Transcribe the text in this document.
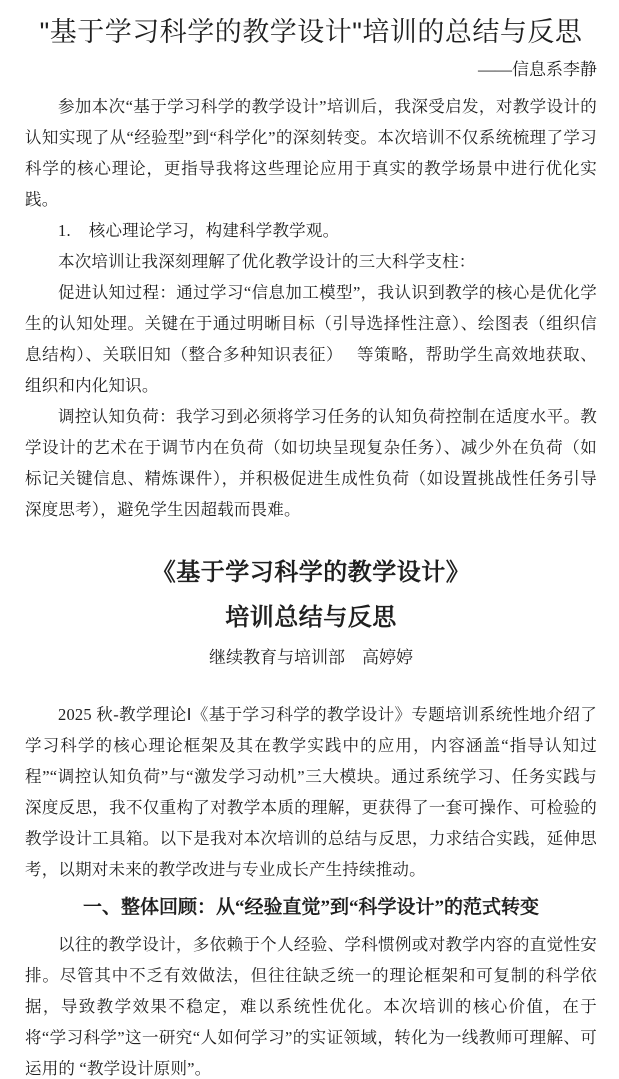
"基于学习科学的教学设计"培训的总结与反思
——信息系李静

参加本次“基于学习科学的教学设计”培训后，我深受启发，对教学设计的认知实现了从“经验型”到“科学化”的深刻转变。本次培训不仅系统梳理了学习科学的核心理论，更指导我将这些理论应用于真实的教学场景中进行优化实践。

1. 核心理论学习，构建科学教学观。

本次培训让我深刻理解了优化教学设计的三大科学支柱：

促进认知过程：通过学习“信息加工模型”，我认识到教学的核心是优化学生的认知处理。关键在于通过明晰目标（引导选择性注意）、绘图表（组织信息结构）、关联旧知（整合多种知识表征）　 等策略，帮助学生高效地获取、组织和内化知识。

调控认知负荷：我学习到必须将学习任务的认知负荷控制在适度水平。教学设计的艺术在于调节内在负荷（如切块呈现复杂任务）、减少外在负荷（如标记关键信息、精炼课件），并积极促进生成性负荷（如设置挑战性任务引导深度思考），避免学生因超载而畏难。

《基于学习科学的教学设计》
培训总结与反思
继续教育与培训部　高婷婷

2025 秋-教学理论Ⅰ《基于学习科学的教学设计》专题培训系统性地介绍了学习科学的核心理论框架及其在教学实践中的应用，内容涵盖“指导认知过程”“调控认知负荷”与“激发学习动机”三大模块。通过系统学习、任务实践与深度反思，我不仅重构了对教学本质的理解，更获得了一套可操作、可检验的教学设计工具箱。以下是我对本次培训的总结与反思，力求结合实践，延伸思考，以期对未来的教学改进与专业成长产生持续推动。

一、整体回顾：从“经验直觉”到“科学设计”的范式转变

以往的教学设计，多依赖于个人经验、学科惯例或对教学内容的直觉性安排。尽管其中不乏有效做法，但往往缺乏统一的理论框架和可复制的科学依据，导致教学效果不稳定，难以系统性优化。本次培训的核心价值，在于将“学习科学”这一研究“人如何学习”的实证领域，转化为一线教师可理解、可运用的 “教学设计原则”。
